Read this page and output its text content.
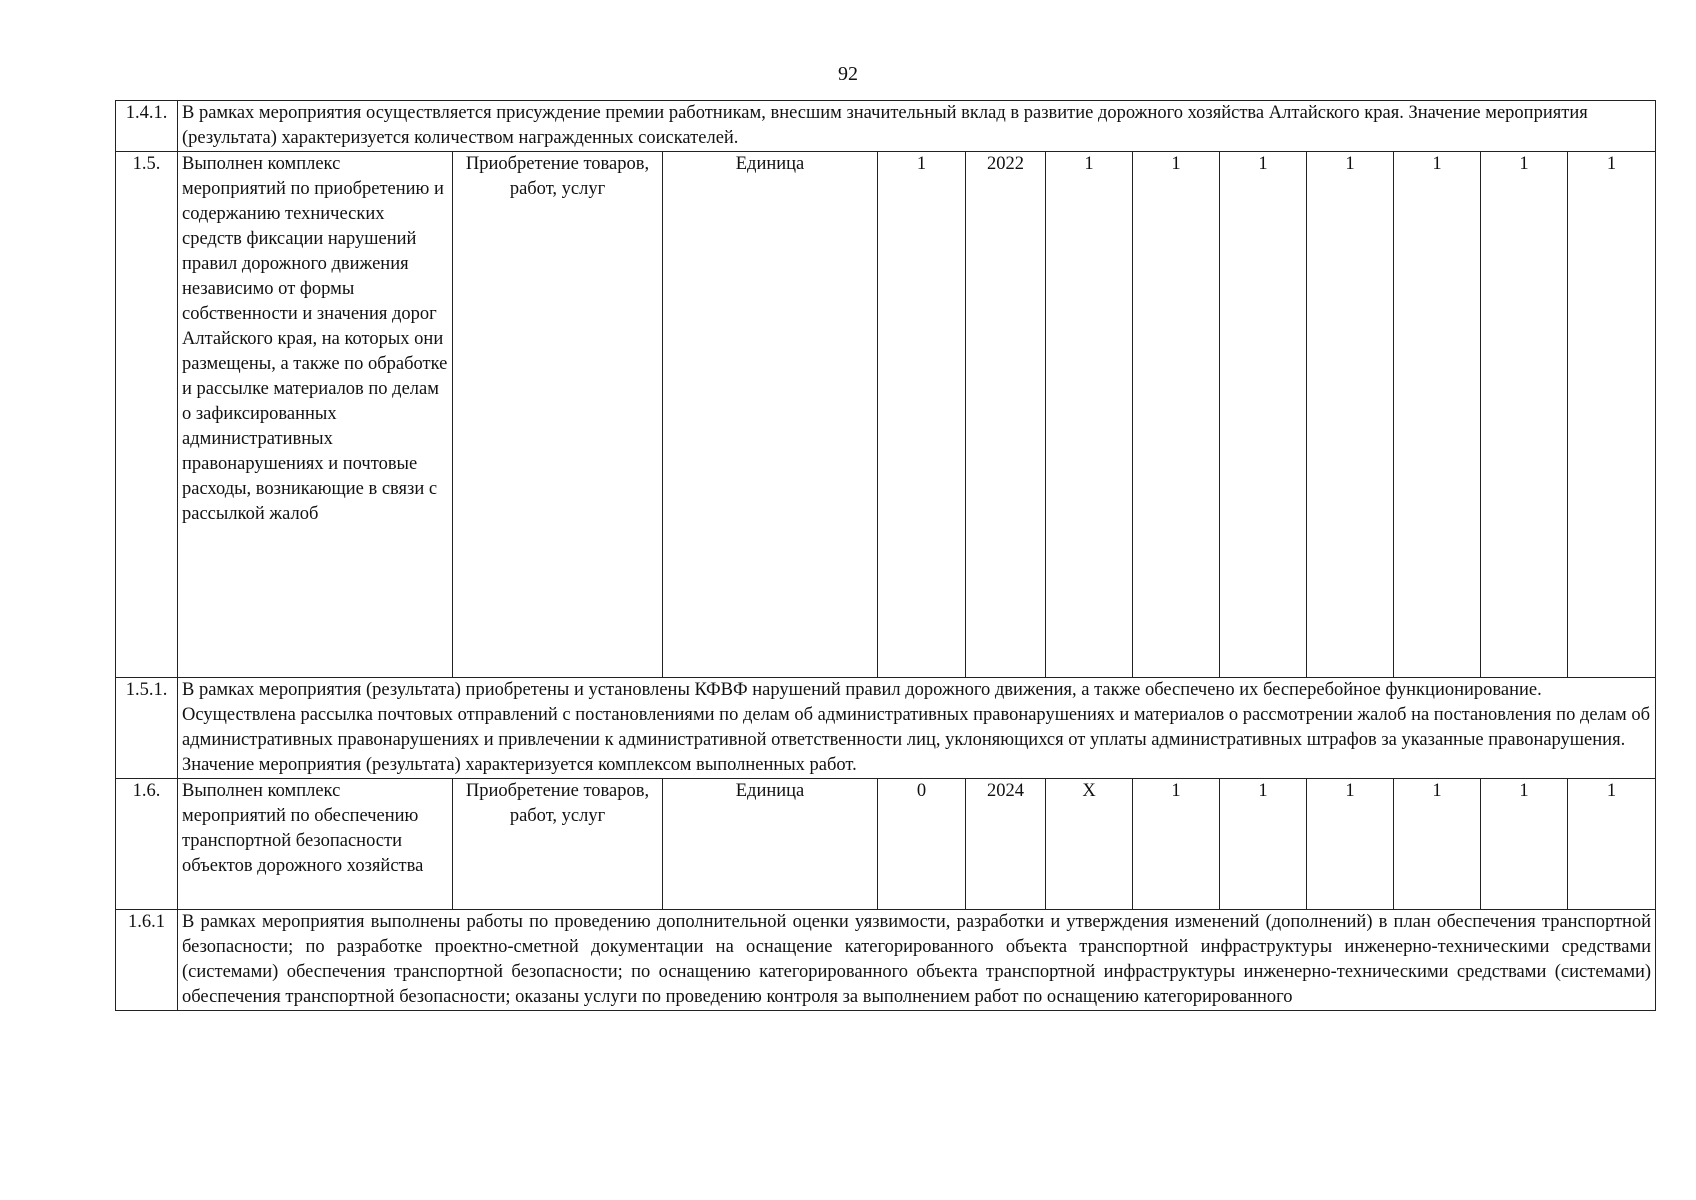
92
1.4.1.	В рамках мероприятия осуществляется присуждение премии работникам, внесшим значительный вклад в развитие дорожного хозяйства Алтайского края. Значение мероприятия (результата) характеризуется количеством награжденных соискателей.											
1.5.	Выполнен комплекс мероприятий по приобретению и содержанию технических средств фиксации нарушений правил дорожного движения независимо от формы собственности и значения дорог Алтайского края, на которых они размещены, а также по обработке и рассылке материалов по делам о зафиксированных административных правонарушениях и почтовые расходы, возникающие в связи с рассылкой жалоб	Приобретение товаров, работ, услуг	Единица	1	2022	1	1	1	1	1	1	1
1.5.1.	В рамках мероприятия (результата) приобретены и установлены КФВФ нарушений правил дорожного движения, а также обеспечено их бесперебойное функционирование. Осуществлена рассылка почтовых отправлений с постановлениями по делам об административных правонарушениях и материалов о рассмотрении жалоб на постановления по делам об административных правонарушениях и привлечении к административной ответственности лиц, уклоняющихся от уплаты административных штрафов за указанные правонарушения. Значение мероприятия (результата) характеризуется комплексом выполненных работ.											
1.6.	Выполнен комплекс мероприятий по обеспечению транспортной безопасности объектов дорожного хозяйства	Приобретение товаров, работ, услуг	Единица	0	2024	X	1	1	1	1	1	1
1.6.1	В рамках мероприятия выполнены работы по проведению дополнительной оценки уязвимости, разработки и утверждения изменений (дополнений) в план обеспечения транспортной безопасности; по разработке проектно-сметной документации на оснащение категорированного объекта транспортной инфраструктуры инженерно-техническими средствами (системами) обеспечения транспортной безопасности; по оснащению категорированного объекта транспортной инфраструктуры инженерно-техническими средствами (системами) обеспечения транспортной безопасности; оказаны услуги по проведению контроля за выполнением работ по оснащению категорированного											
